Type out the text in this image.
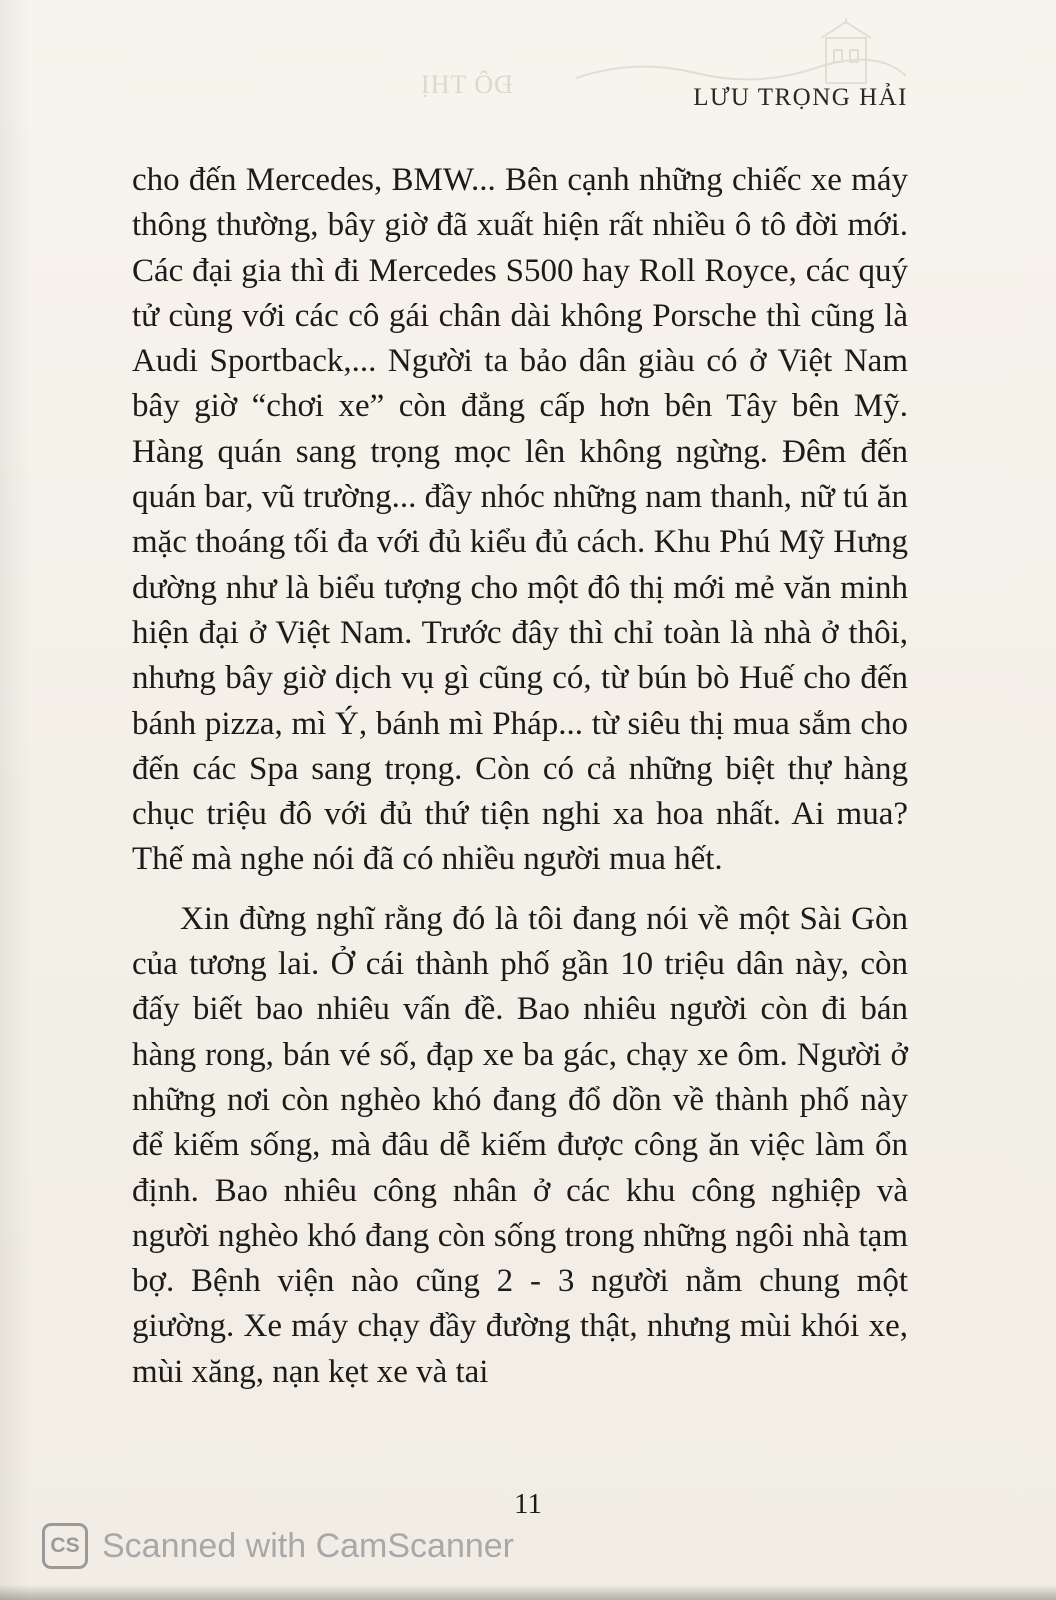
ĐÔ THỊ	LƯU TRỌNG HẢI

cho đến Mercedes, BMW... Bên cạnh những chiếc xe máy thông thường, bây giờ đã xuất hiện rất nhiều ô tô đời mới. Các đại gia thì đi Mercedes S500 hay Roll Royce, các quý tử cùng với các cô gái chân dài không Porsche thì cũng là Audi Sportback,... Người ta bảo dân giàu có ở Việt Nam bây giờ “chơi xe” còn đẳng cấp hơn bên Tây bên Mỹ. Hàng quán sang trọng mọc lên không ngừng. Đêm đến quán bar, vũ trường... đầy nhóc những nam thanh, nữ tú ăn mặc thoáng tối đa với đủ kiểu đủ cách. Khu Phú Mỹ Hưng dường như là biểu tượng cho một đô thị mới mẻ văn minh hiện đại ở Việt Nam. Trước đây thì chỉ toàn là nhà ở thôi, nhưng bây giờ dịch vụ gì cũng có, từ bún bò Huế cho đến bánh pizza, mì Ý, bánh mì Pháp... từ siêu thị mua sắm cho đến các Spa sang trọng. Còn có cả những biệt thự hàng chục triệu đô với đủ thứ tiện nghi xa hoa nhất. Ai mua? Thế mà nghe nói đã có nhiều người mua hết.

Xin đừng nghĩ rằng đó là tôi đang nói về một Sài Gòn của tương lai. Ở cái thành phố gần 10 triệu dân này, còn đấy biết bao nhiêu vấn đề. Bao nhiêu người còn đi bán hàng rong, bán vé số, đạp xe ba gác, chạy xe ôm. Người ở những nơi còn nghèo khó đang đổ dồn về thành phố này để kiếm sống, mà đâu dễ kiếm được công ăn việc làm ổn định. Bao nhiêu công nhân ở các khu công nghiệp và người nghèo khó đang còn sống trong những ngôi nhà tạm bợ. Bệnh viện nào cũng 2 - 3 người nằm chung một giường. Xe máy chạy đầy đường thật, nhưng mùi khói xe, mùi xăng, nạn kẹt xe và tai

11
CS Scanned with CamScanner
